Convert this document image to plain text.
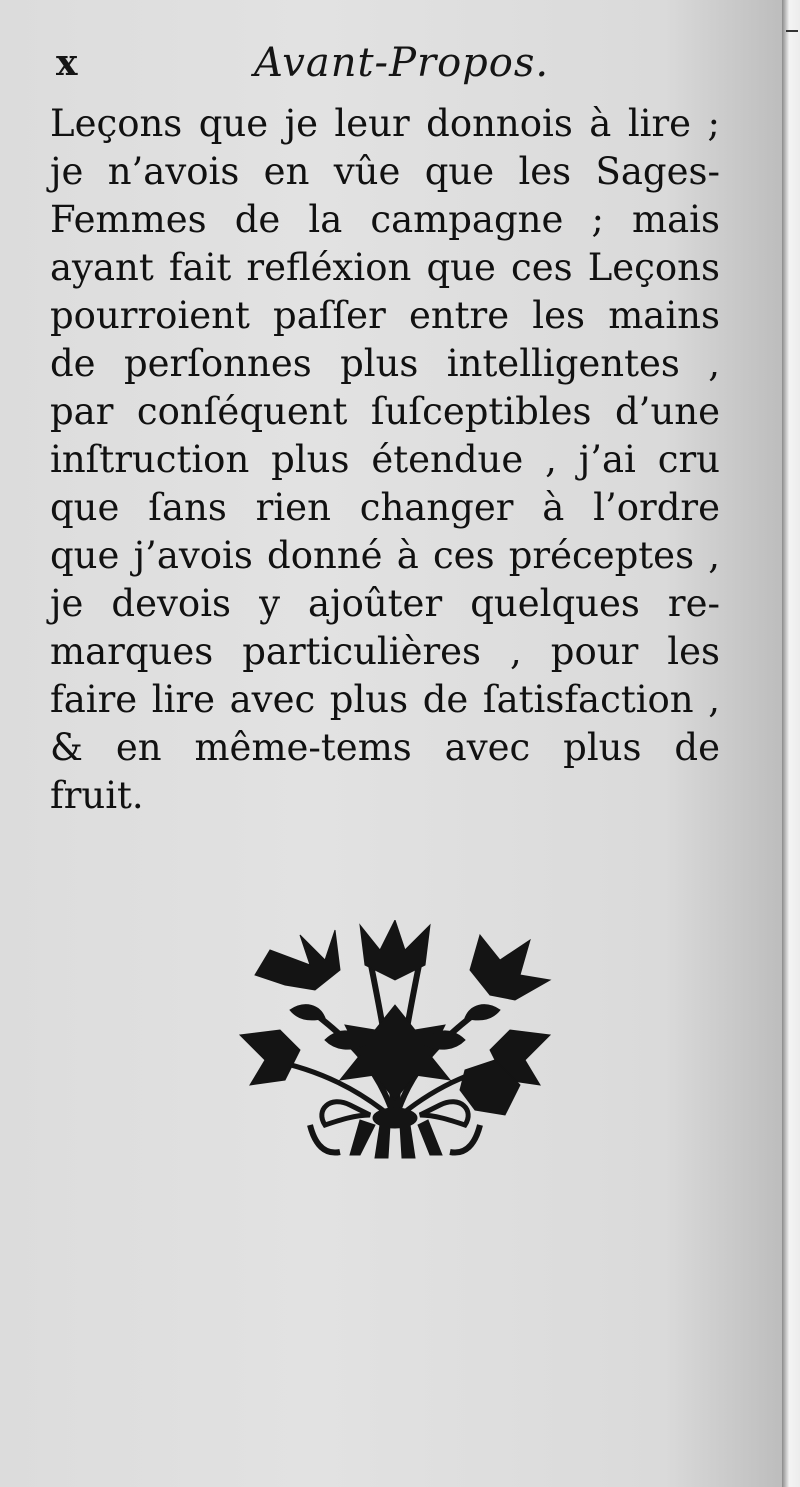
x	Avant-Propos.
Leçons que je leur donnois à lire ;
je n’avois en vûe que les Sages-
Femmes de la campagne ; mais
ayant fait refléxion que ces Leçons
pourroient paſſer entre les mains
de perſonnes plus intelligentes ,
par conſéquent ſuſceptibles d’une
inſtruction plus étendue , j’ai cru
que ſans rien changer à l’ordre
que j’avois donné à ces préceptes ,
je devois y ajoûter quelques re-
marques particulières , pour les
faire lire avec plus de ſatisfaction ,
& en même-tems avec plus de
fruit.
